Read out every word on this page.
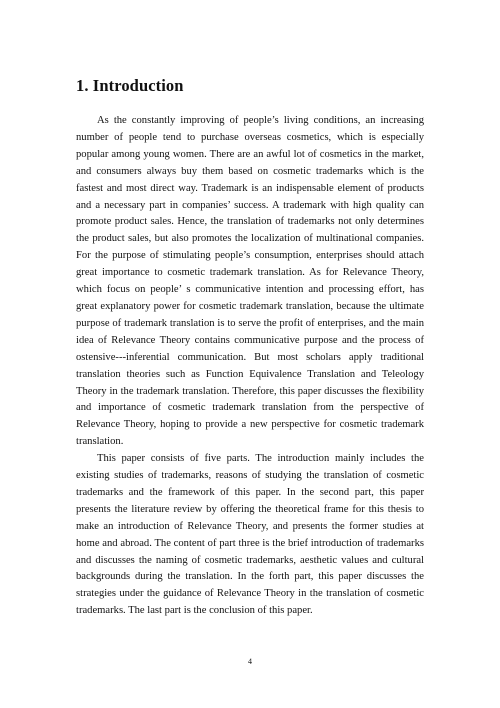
1. Introduction

As the constantly improving of people’s living conditions, an increasing number of people tend to purchase overseas cosmetics, which is especially popular among young women. There are an awful lot of cosmetics in the market, and consumers always buy them based on cosmetic trademarks which is the fastest and most direct way. Trademark is an indispensable element of products and a necessary part in companies’ success. A trademark with high quality can promote product sales. Hence, the translation of trademarks not only determines the product sales, but also promotes the localization of multinational companies. For the purpose of stimulating people’s consumption, enterprises should attach great importance to cosmetic trademark translation. As for Relevance Theory, which focus on people’ s communicative intention and processing effort, has great explanatory power for cosmetic trademark translation, because the ultimate purpose of trademark translation is to serve the profit of enterprises, and the main idea of Relevance Theory contains communicative purpose and the process of ostensive---inferential communication. But most scholars apply traditional translation theories such as Function Equivalence Translation and Teleology Theory in the trademark translation. Therefore, this paper discusses the flexibility and importance of cosmetic trademark translation from the perspective of Relevance Theory, hoping to provide a new perspective for cosmetic trademark translation.

This paper consists of five parts. The introduction mainly includes the existing studies of trademarks, reasons of studying the translation of cosmetic trademarks and the framework of this paper. In the second part, this paper presents the literature review by offering the theoretical frame for this thesis to make an introduction of Relevance Theory, and presents the former studies at home and abroad. The content of part three is the brief introduction of trademarks and discusses the naming of cosmetic trademarks, aesthetic values and cultural backgrounds during the translation. In the forth part, this paper discusses the strategies under the guidance of Relevance Theory in the translation of cosmetic trademarks. The last part is the conclusion of this paper.

4
